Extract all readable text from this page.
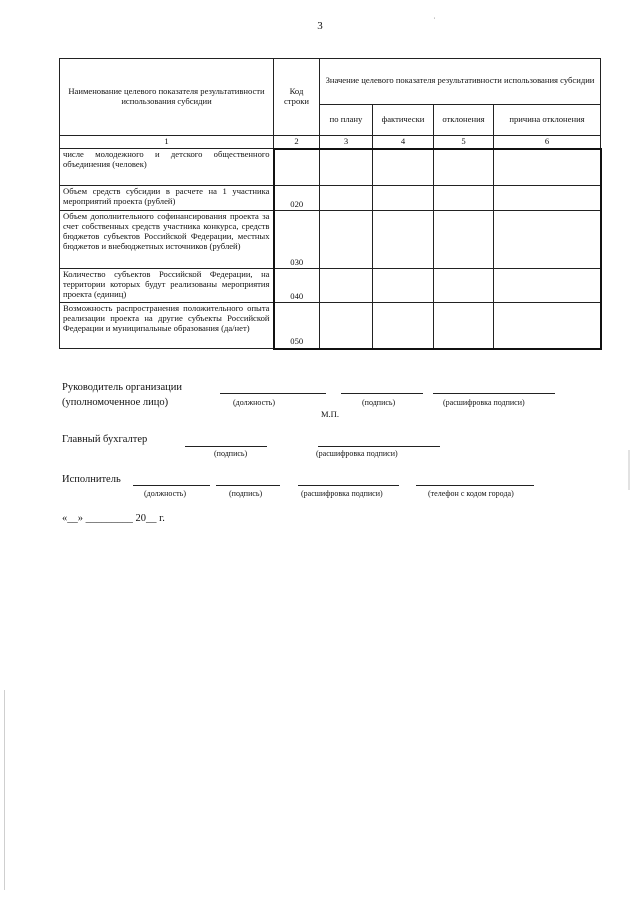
3	˙
Наименование целевого показателя результативности использования субсидии	Код строки	Значение целевого показателя результативности использования субсидии			
		по плану	фактически	отклонения	причина отклонения
1	2	3	4	5	6
числе молодежного и детского общественного объединения (человек)					
Объем средств субсидии в расчете на 1 участника мероприятий проекта (рублей)	020				
Объем дополнительного софинансирования проекта за счет собственных средств участника конкурса, средств бюджетов субъектов Российской Федерации, местных бюджетов и внебюджетных источников (рублей)	030				
Количество субъектов Российской Федерации, на территории которых будут реализованы мероприятия проекта (единиц)	040				
Возможность распространения положительного опыта реализации проекта на другие субъекты Российской Федерации и муниципальные образования (да/нет)	050				
Руководитель организации
(уполномоченное лицо)	(должность)	(подпись)	(расшифровка подписи)
М.П.
Главный бухгалтер
(подпись)	(расшифровка подписи)
Исполнитель
(должность)	(подпись)	(расшифровка подписи)	(телефон с кодом города)
«__» _________ 20__ г.
